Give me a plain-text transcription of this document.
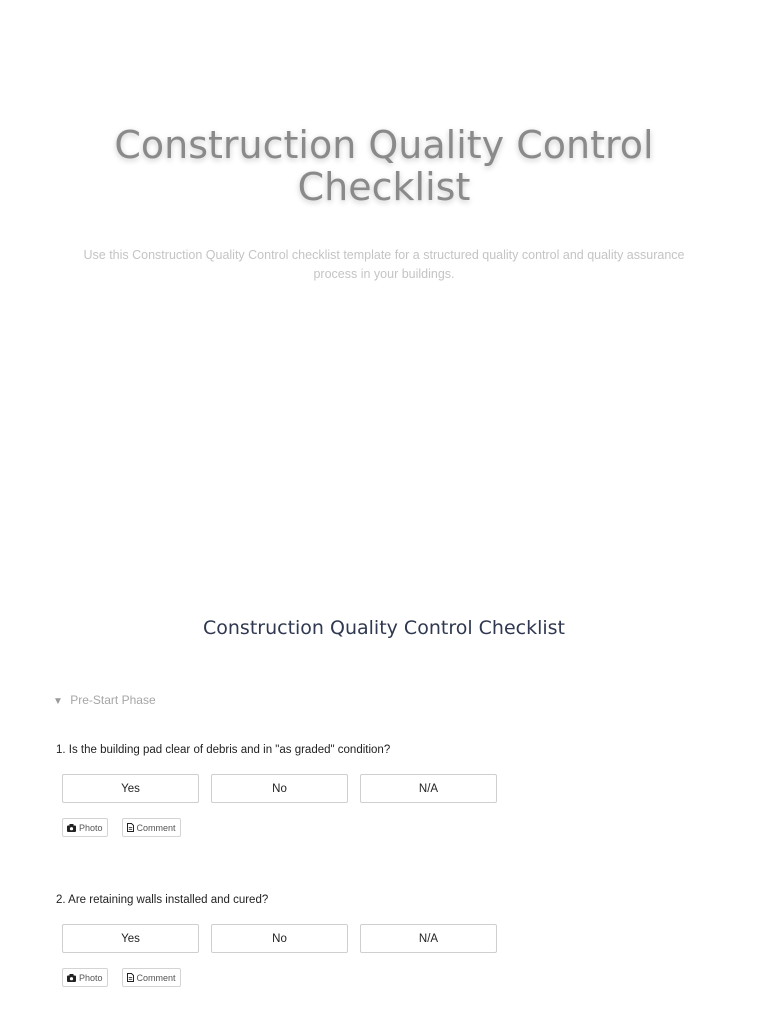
Construction Quality Control
Checklist
Use this Construction Quality Control checklist template for a structured quality control and quality assurance process in your buildings.
Construction Quality Control Checklist
▼ Pre-Start Phase
1. Is the building pad clear of debris and in "as graded" condition?
Yes	No	N/A
Photo	Comment
2. Are retaining walls installed and cured?
Yes	No	N/A
Photo	Comment
